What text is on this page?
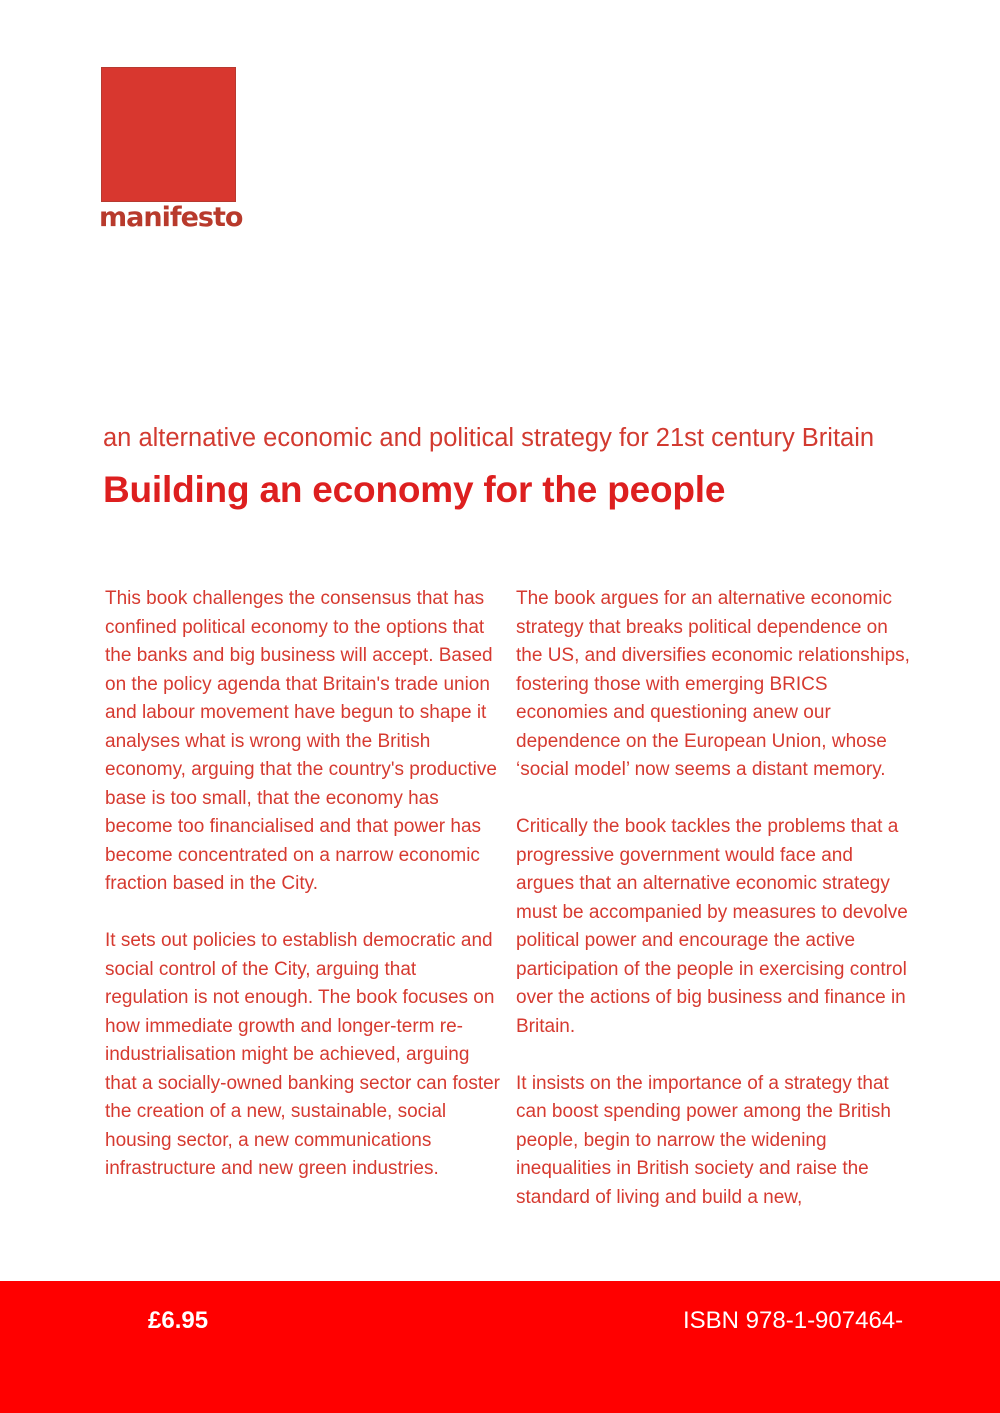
manifesto
an alternative economic and political strategy for 21st century Britain
Building an economy for the people

This book challenges the consensus that has confined political economy to the options that the banks and big business will accept. Based on the policy agenda that Britain's trade union and labour movement have begun to shape it analyses what is wrong with the British economy, arguing that the country's productive base is too small, that the economy has become too financialised and that power has become concentrated on a narrow economic fraction based in the City.

It sets out policies to establish democratic and social control of the City, arguing that regulation is not enough. The book focuses on how immediate growth and longer-term re-industrialisation might be achieved, arguing that a socially-owned banking sector can foster the creation of a new, sustainable, social housing sector, a new communications infrastructure and new green industries.

The book argues for an alternative economic strategy that breaks political dependence on the US, and diversifies economic relationships, fostering those with emerging BRICS economies and questioning anew our dependence on the European Union, whose ‘social model’ now seems a distant memory.

Critically the book tackles the problems that a progressive government would face and argues that an alternative economic strategy must be accompanied by measures to devolve political power and encourage the active participation of the people in exercising control over the actions of big business and finance in Britain.

It insists on the importance of a strategy that can boost spending power among the British people, begin to narrow the widening inequalities in British society and raise the standard of living and build a new,

£6.95	ISBN 978-1-907464-
